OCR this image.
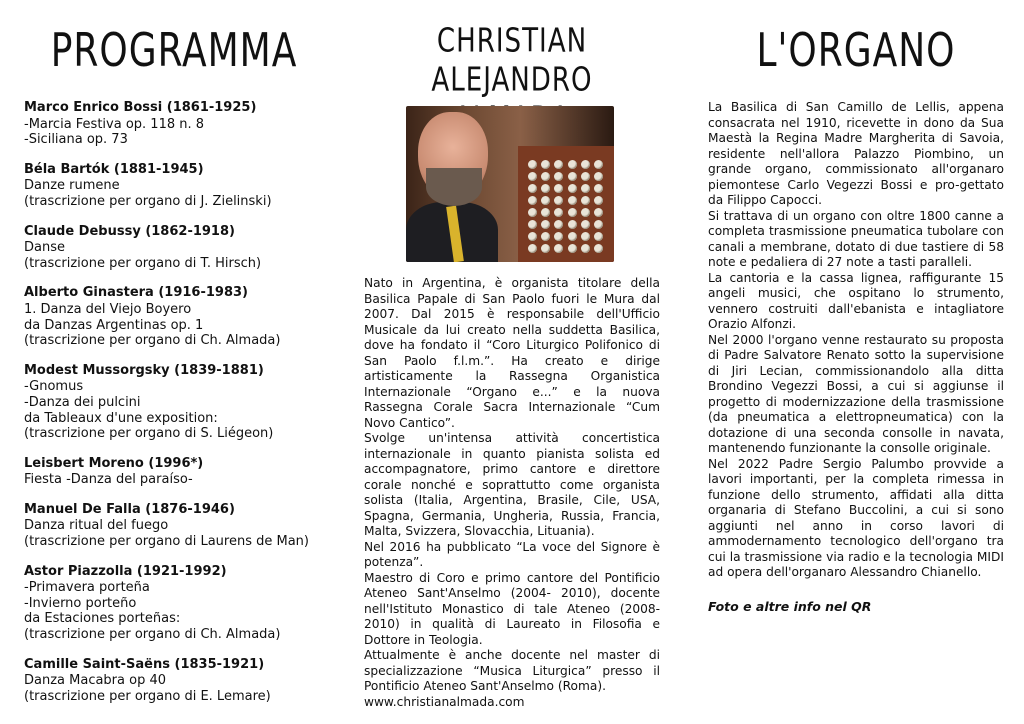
PROGRAMMA
Marco Enrico Bossi (1861-1925)
-Marcia Festiva op. 118 n. 8
-Siciliana op. 73
Béla Bartók (1881-1945)
Danze rumene
(trascrizione per organo di J. Zielinski)
Claude Debussy (1862-1918)
Danse
(trascrizione per organo di T. Hirsch)
Alberto Ginastera (1916-1983)
1. Danza del Viejo Boyero
da Danzas Argentinas op. 1
(trascrizione per organo di Ch. Almada)
Modest Mussorgsky (1839-1881)
-Gnomus
-Danza dei pulcini
da Tableaux d'une exposition:
(trascrizione per organo di S. Liégeon)
Leisbert Moreno (1996*)
Fiesta -Danza del paraíso-
Manuel De Falla (1876-1946)
Danza ritual del fuego
(trascrizione per organo di Laurens de Man)
Astor Piazzolla (1921-1992)
-Primavera porteña
-Invierno porteño
da Estaciones porteñas:
(trascrizione per organo di Ch. Almada)
Camille Saint-Saëns (1835-1921)
Danza Macabra op 40
(trascrizione per organo di E. Lemare)
CHRISTIAN ALEJANDRO

Nato in Argentina, è organista titolare della Basilica Papale di San Paolo fuori le Mura dal 2007. Dal 2015 è responsabile dell'Ufficio Musicale da lui creato nella suddetta Basilica, dove ha fondato il “Coro Liturgico Polifonico di San Paolo f.l.m.”. Ha creato e dirige artisticamente la Rassegna Organistica Internazionale “Organo e...” e la nuova Rassegna Corale Sacra Internazionale “Cum Novo Cantico”.

Svolge un'intensa attività concertistica internazionale in quanto pianista solista ed accompagnatore, primo cantore e direttore corale nonché e soprattutto come organista solista (Italia, Argentina, Brasile, Cile, USA, Spagna, Germania, Ungheria, Russia, Francia, Malta, Svizzera, Slovacchia, Lituania).

Nel 2016 ha pubblicato “La voce del Signore è potenza”.

Maestro di Coro e primo cantore del Pontificio Ateneo Sant'Anselmo (2004- 2010), docente nell'Istituto Monastico di tale Ateneo (2008-2010) in qualità di Laureato in Filosofia e Dottore in Teologia.

Attualmente è anche docente nel master di specializzazione “Musica Liturgica” presso il Pontificio Ateneo Sant'Anselmo (Roma).

www.christianalmada.com

L'ORGANO

La Basilica di San Camillo de Lellis, appena consacrata nel 1910, ricevette in dono da Sua Maestà la Regina Madre Margherita di Savoia, residente nell'allora Palazzo Piombino, un grande organo, commissionato all'organaro piemontese Carlo Vegezzi Bossi e pro-gettato da Filippo Capocci.

Si trattava di un organo con oltre 1800 canne a completa trasmissione pneumatica tubolare con canali a membrane, dotato di due tastiere di 58 note e pedaliera di 27 note a tasti paralleli.

La cantoria e la cassa lignea, raffigurante 15 angeli musici, che ospitano lo strumento, vennero costruiti dall'ebanista e intagliatore Orazio Alfonzi.

Nel 2000 l'organo venne restaurato su proposta di Padre Salvatore Renato sotto la supervisione di Jiri Lecian, commissionandolo alla ditta Brondino Vegezzi Bossi, a cui si aggiunse il progetto di modernizzazione della trasmissione (da pneumatica a elettropneumatica) con la dotazione di una seconda consolle in navata, mantenendo funzionante la consolle originale.

Nel 2022 Padre Sergio Palumbo provvide a lavori importanti, per la completa rimessa in funzione dello strumento, affidati alla ditta organaria di Stefano Buccolini, a cui si sono aggiunti nel anno in corso lavori di ammodernamento tecnologico dell'organo tra cui la trasmissione via radio e la tecnologia MIDI ad opera dell'organaro Alessandro Chianello.

Foto e altre info nel QR
